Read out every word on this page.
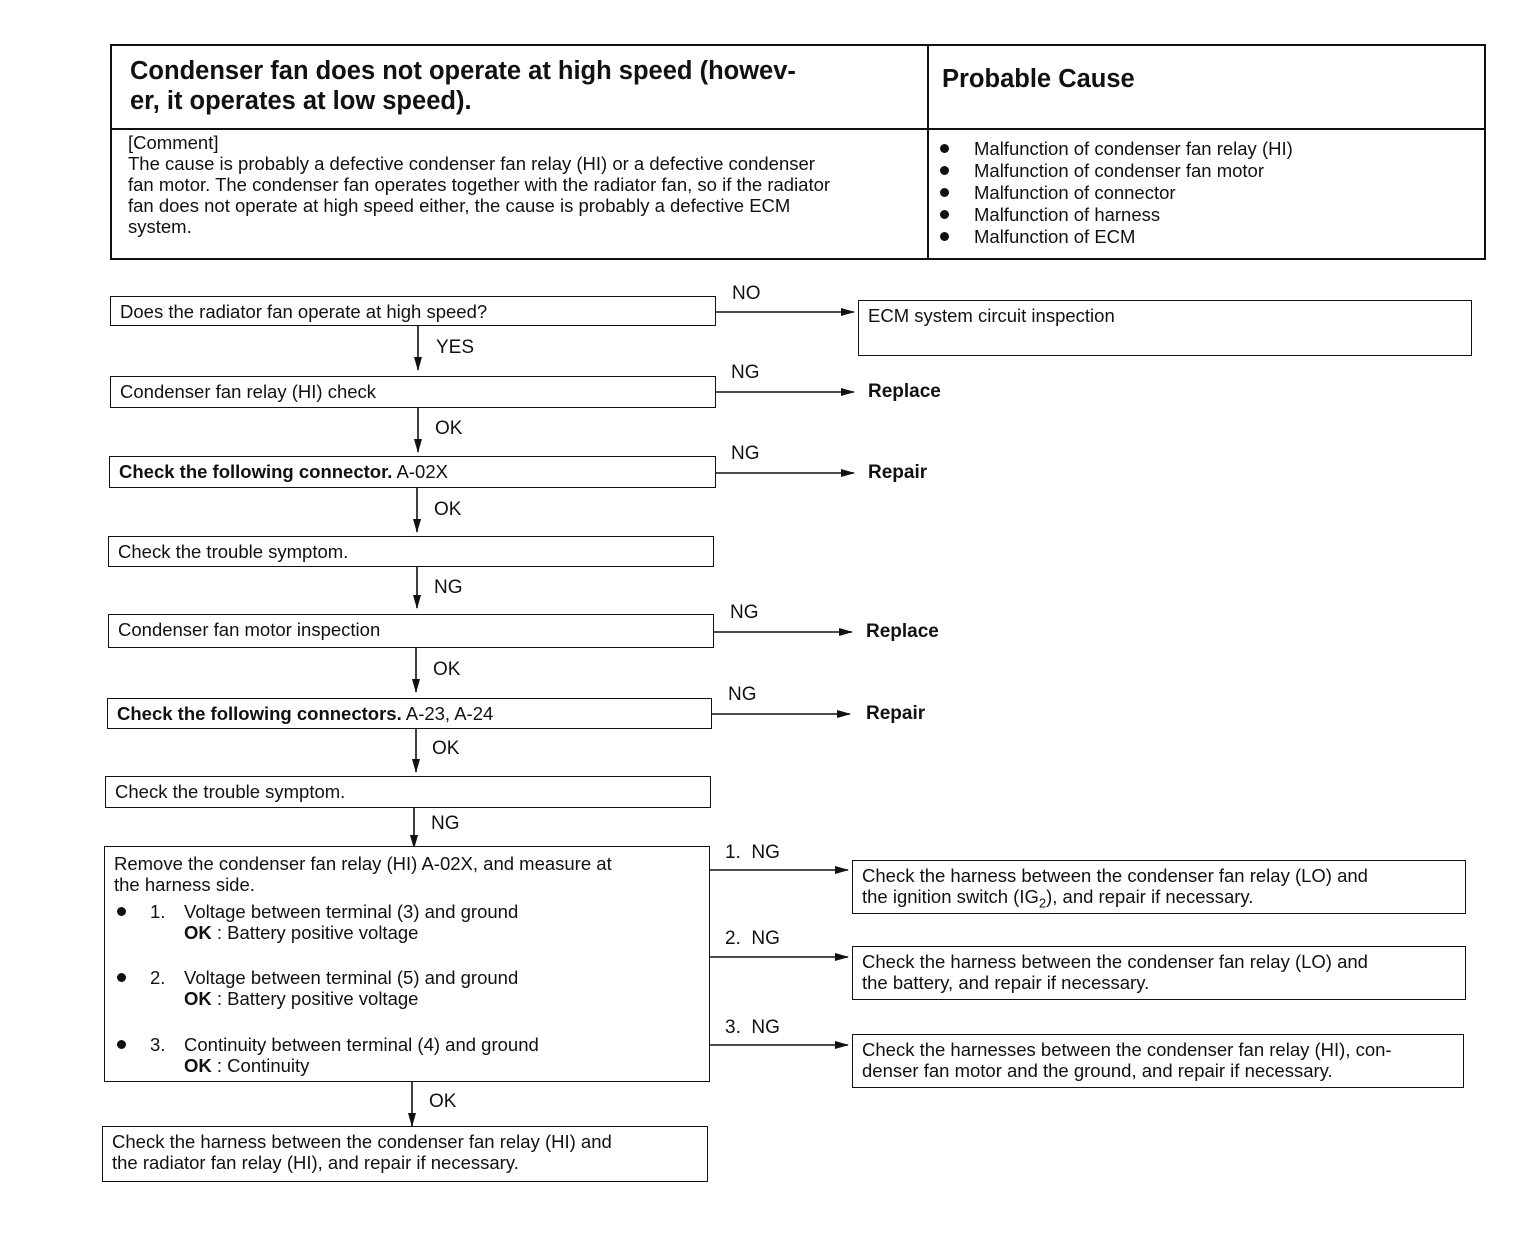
Condenser fan does not operate at high speed (howev-
er, it operates at low speed).
Probable Cause
[Comment]
The cause is probably a defective condenser fan relay (HI) or a defective condenser
fan motor. The condenser fan operates together with the radiator fan, so if the radiator
fan does not operate at high speed either, the cause is probably a defective ECM
system.
Malfunction of condenser fan relay (HI)
Malfunction of condenser fan motor
Malfunction of connector
Malfunction of harness
Malfunction of ECM
Does the radiator fan operate at high speed?	ECM system circuit inspection
Condenser fan relay (HI) check
Check the following connector. A-02X
Check the trouble symptom.
Condenser fan motor inspection
Check the following connectors. A-23, A-24
Check the trouble symptom.
Remove the condenser fan relay (HI) A-02X, and measure at
the harness side.
1.	Voltage between terminal (3) and ground
OK : Battery positive voltage
2.	Voltage between terminal (5) and ground
OK : Battery positive voltage
3.	Continuity between terminal (4) and ground
OK : Continuity
Check the harness between the condenser fan relay (LO) and
the ignition switch $(IG_2)$, and repair if necessary.
Check the harness between the condenser fan relay (LO) and
the battery, and repair if necessary.
Check the harnesses between the condenser fan relay (HI), con-
denser fan motor and the ground, and repair if necessary.
Check the harness between the condenser fan relay (HI) and
the radiator fan relay (HI), and repair if necessary.
NO
YES
NG
OK
NG
OK
NG
NG
OK
NG
OK
NG
1.  NG
2.  NG
3.  NG
OK
Replace
Repair
Replace
Repair
